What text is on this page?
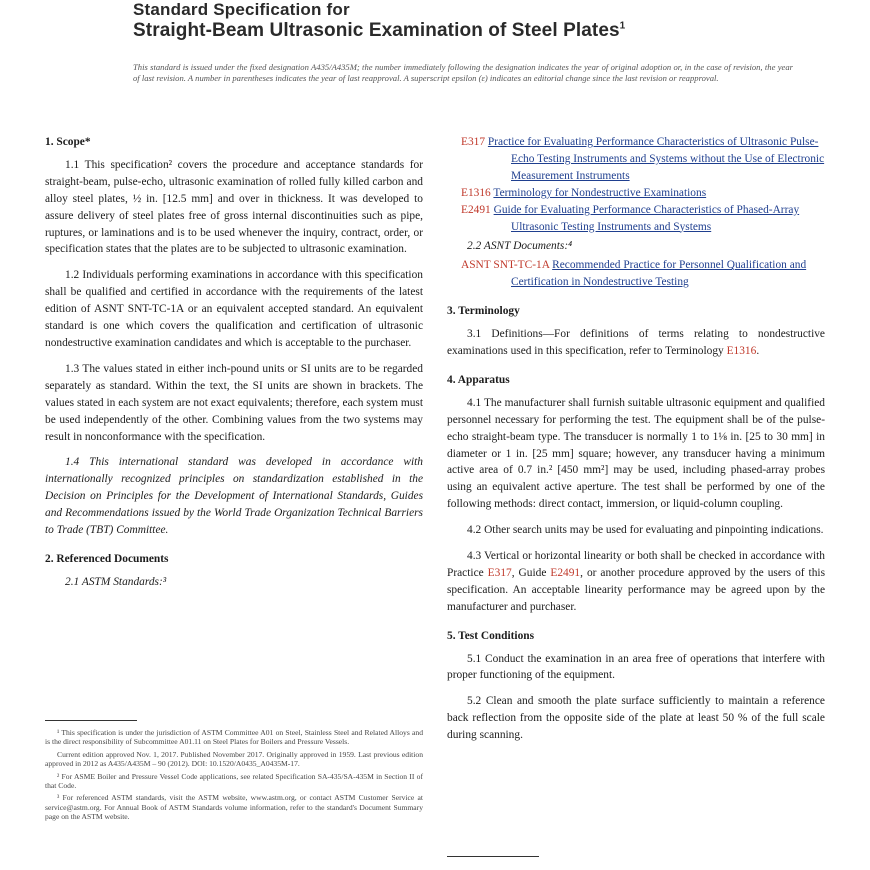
Standard Specification for
Straight-Beam Ultrasonic Examination of Steel Plates$^1$
This standard is issued under the fixed designation A435/A435M; the number immediately following the designation indicates the year of original adoption or, in the case of revision, the year of last revision. A number in parentheses indicates the year of last reapproval. A superscript epsilon (ε) indicates an editorial change since the last revision or reapproval.
1. Scope*

1.1 This specification² covers the procedure and acceptance standards for straight-beam, pulse-echo, ultrasonic examination of rolled fully killed carbon and alloy steel plates, ½ in. [12.5 mm] and over in thickness. It was developed to assure delivery of steel plates free of gross internal discontinuities such as pipe, ruptures, or laminations and is to be used whenever the inquiry, contract, order, or specification states that the plates are to be subjected to ultrasonic examination.

1.2 Individuals performing examinations in accordance with this specification shall be qualified and certified in accordance with the requirements of the latest edition of ASNT SNT-TC-1A or an equivalent accepted standard. An equivalent standard is one which covers the qualification and certification of ultrasonic nondestructive examination candidates and which is acceptable to the purchaser.

1.3 The values stated in either inch-pound units or SI units are to be regarded separately as standard. Within the text, the SI units are shown in brackets. The values stated in each system are not exact equivalents; therefore, each system must be used independently of the other. Combining values from the two systems may result in nonconformance with the specification.

1.4 This international standard was developed in accordance with internationally recognized principles on standardization established in the Decision on Principles for the Development of International Standards, Guides and Recommendations issued by the World Trade Organization Technical Barriers to Trade (TBT) Committee.

2. Referenced Documents

2.1 ASTM Standards:³

¹ This specification is under the jurisdiction of ASTM Committee A01 on Steel, Stainless Steel and Related Alloys and is the direct responsibility of Subcommittee A01.11 on Steel Plates for Boilers and Pressure Vessels.

Current edition approved Nov. 1, 2017. Published November 2017. Originally approved in 1959. Last previous edition approved in 2012 as A435/A435M – 90 (2012). DOI: 10.1520/A0435_A0435M-17.

² For ASME Boiler and Pressure Vessel Code applications, see related Specification SA-435/SA-435M in Section II of that Code.

³ For referenced ASTM standards, visit the ASTM website, www.astm.org, or contact ASTM Customer Service at service@astm.org. For Annual Book of ASTM Standards volume information, refer to the standard's Document Summary page on the ASTM website.

E317 Practice for Evaluating Performance Characteristics of Ultrasonic Pulse-Echo Testing Instruments and Systems without the Use of Electronic Measurement Instruments

E1316 Terminology for Nondestructive Examinations

E2491 Guide for Evaluating Performance Characteristics of Phased-Array Ultrasonic Testing Instruments and Systems

2.2 ASNT Documents:⁴

ASNT SNT-TC-1A Recommended Practice for Personnel Qualification and Certification in Nondestructive Testing

3. Terminology

3.1 Definitions—For definitions of terms relating to nondestructive examinations used in this specification, refer to Terminology E1316.

4. Apparatus

4.1 The manufacturer shall furnish suitable ultrasonic equipment and qualified personnel necessary for performing the test. The equipment shall be of the pulse-echo straight-beam type. The transducer is normally 1 to 1⅛ in. [25 to 30 mm] in diameter or 1 in. [25 mm] square; however, any transducer having a minimum active area of 0.7 in.² [450 mm²] may be used, including phased-array probes using an equivalent active aperture. The test shall be performed by one of the following methods: direct contact, immersion, or liquid-column coupling.

4.2 Other search units may be used for evaluating and pinpointing indications.

4.3 Vertical or horizontal linearity or both shall be checked in accordance with Practice E317, Guide E2491, or another procedure approved by the users of this specification. An acceptable linearity performance may be agreed upon by the manufacturer and purchaser.

5. Test Conditions

5.1 Conduct the examination in an area free of operations that interfere with proper functioning of the equipment.

5.2 Clean and smooth the plate surface sufficiently to maintain a reference back reflection from the opposite side of the plate at least 50 % of the full scale during scanning.
